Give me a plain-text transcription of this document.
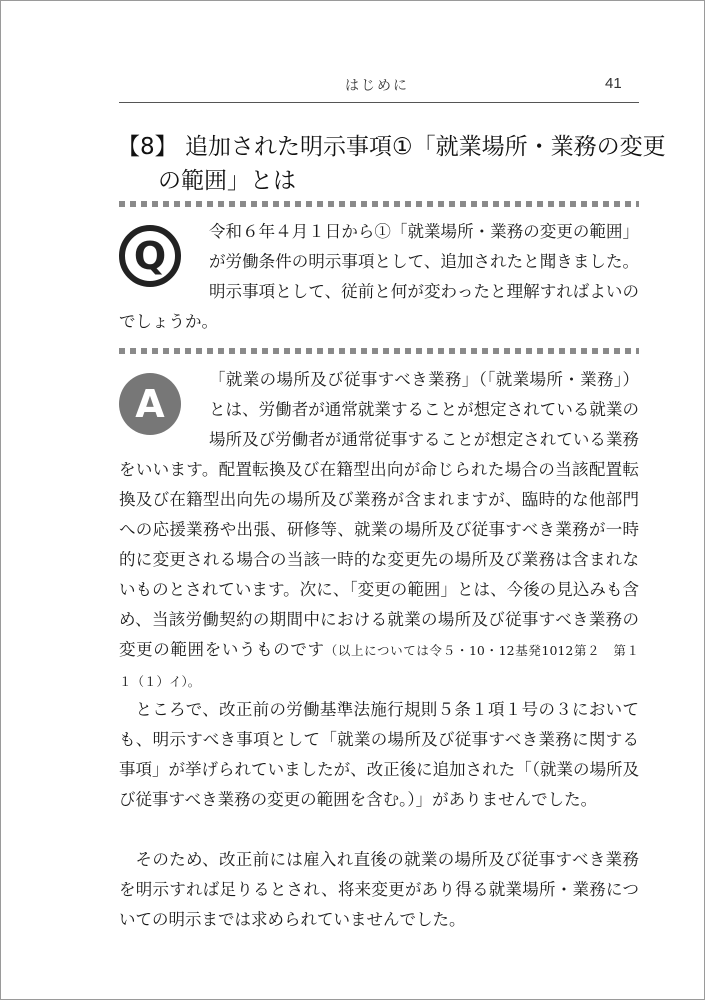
はじめに	41
【8】 追加された明示事項①「就業場所・業務の変更
の範囲」とは
Q

令和６年４月１日から①「就業場所・業務の変更の範囲」が労働条件の明示事項として、追加されたと聞きました。明示事項として、従前と何が変わったと理解すればよいのでしょうか。

A

「就業の場所及び従事すべき業務」（「就業場所・業務」）とは、労働者が通常就業することが想定されている就業の場所及び労働者が通常従事することが想定されている業務をいいます。配置転換及び在籍型出向が命じられた場合の当該配置転換及び在籍型出向先の場所及び業務が含まれますが、臨時的な他部門への応援業務や出張、研修等、就業の場所及び従事すべき業務が一時的に変更される場合の当該一時的な変更先の場所及び業務は含まれないものとされています。次に、「変更の範囲」とは、今後の見込みも含め、当該労働契約の期間中における就業の場所及び従事すべき業務の変更の範囲をいうものです（以上については令５・10・12基発1012第２　第１　１（１）イ）。

ところで、改正前の労働基準法施行規則５条１項１号の３においても、明示すべき事項として「就業の場所及び従事すべき業務に関する事項」が挙げられていましたが、改正後に追加された「（就業の場所及び従事すべき業務の変更の範囲を含む。）」がありませんでした。

そのため、改正前には雇入れ直後の就業の場所及び従事すべき業務を明示すれば足りるとされ、将来変更があり得る就業場所・業務についての明示までは求められていませんでした。
